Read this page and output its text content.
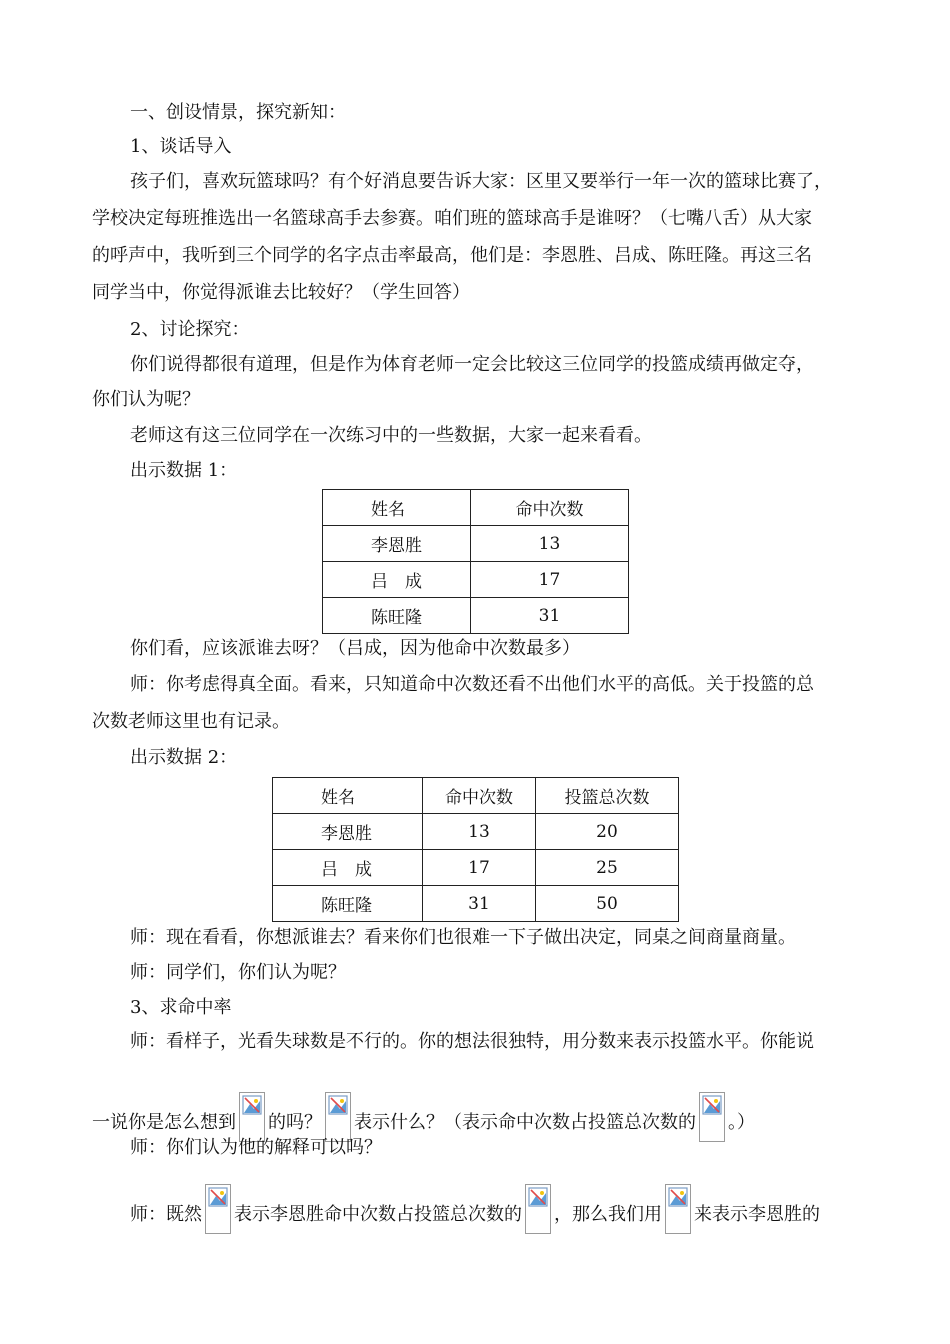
一、创设情景，探究新知：
1、谈话导入
孩子们，喜欢玩篮球吗？有个好消息要告诉大家：区里又要举行一年一次的篮球比赛了，
学校决定每班推选出一名篮球高手去参赛。咱们班的篮球高手是谁呀？（七嘴八舌）从大家
的呼声中，我听到三个同学的名字点击率最高，他们是：李恩胜、吕成、陈旺隆。再这三名
同学当中，你觉得派谁去比较好？（学生回答）
2、讨论探究：
你们说得都很有道理，但是作为体育老师一定会比较这三位同学的投篮成绩再做定夺，
你们认为呢？
老师这有这三位同学在一次练习中的一些数据，大家一起来看看。
出示数据 1：
姓名	命中次数
李恩胜	13
吕　成	17
陈旺隆	31
你们看，应该派谁去呀？（吕成，因为他命中次数最多）
师：你考虑得真全面。看来，只知道命中次数还看不出他们水平的高低。关于投篮的总
次数老师这里也有记录。
出示数据 2：
姓名	命中次数	投篮总次数
李恩胜	13	20
吕　成	17	25
陈旺隆	31	50
师：现在看看，你想派谁去？看来你们也很难一下子做出决定，同桌之间商量商量。
师：同学们，你们认为呢？
3、求命中率
师：看样子，光看失球数是不行的。你的想法很独特，用分数来表示投篮水平。你能说
一说你是怎么想到 的吗？ 表示什么？（表示命中次数占投篮总次数的 。）
师：你们认为他的解释可以吗？
师：既然 表示李恩胜命中次数占投篮总次数的 ，那么我们用 来表示李恩胜的
